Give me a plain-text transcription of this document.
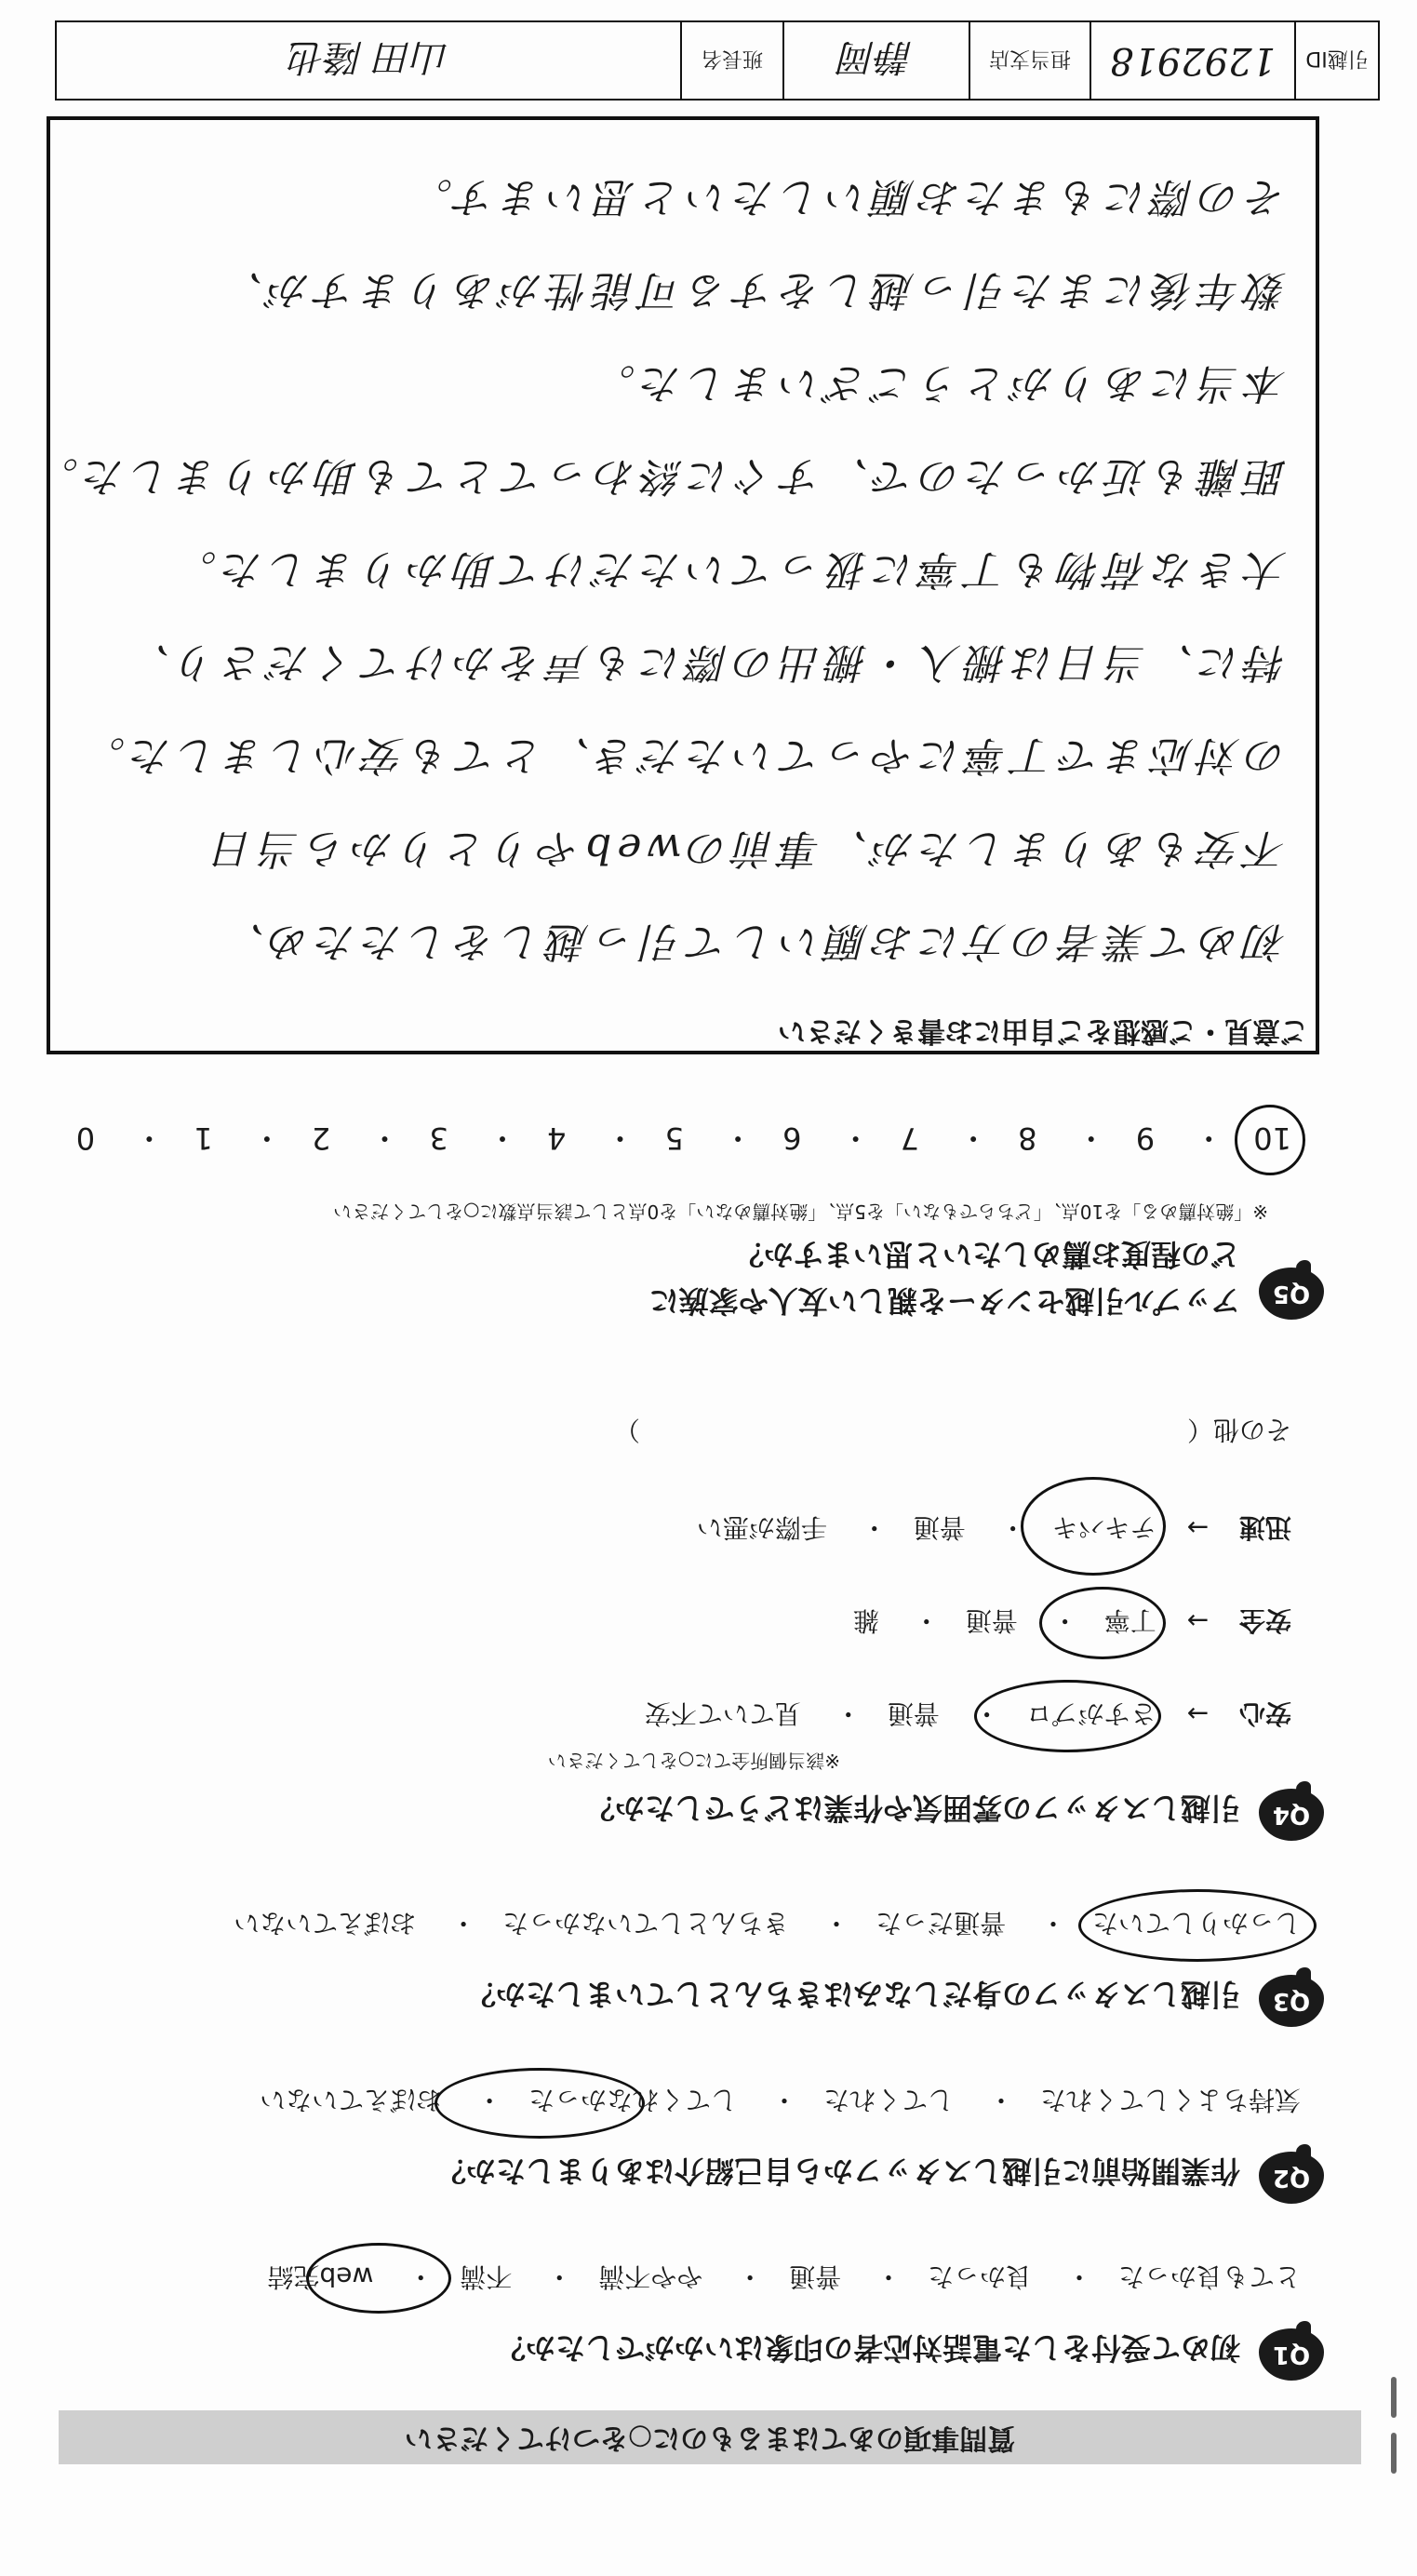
質問事項のあてはまるものに○をつけてください
Q1
初めて受付をした電話対応者の印象はいかがでしたか？
とても良かった　・　 良かった　・　 普通　・　 やや不満　・　 不満　・　 web完結
Q2
作業開始前に引越しスタッフから自己紹介はありましたか？
気持ちよくしてくれた　・　 してくれた　・　 してくれなかった　・　 おぼえていない
Q3
引越しスタッフの身だしなみはきちんとしていましたか？
しっかりしていた　・　 普通だった　・　 きちんとしていなかった　・　 おぼえていない
Q4
引越しスタッフの雰囲気や作業はどうでしたか？
※該当個所全てに○をしてください
安心 → さすがプロ　・　 普通　・　 見ていて不安
安全 → 丁寧　・　 普通　・　 雑
迅速 → テキパキ　・　 普通　・　 手際が悪い
その他（　　　　　　　　　　　　　　　　　　　　　）
Q5
アップル引越センターを親しい友人や家族に
どの程度お薦めしたいと思いますか？
※「絶対薦める」を10点、「どちらでもない」を5点、「絶対薦めない」を0点として該当点数に○をしてください
10　・　 9　・　 8　・　 7　・　 6　・　 5　・　 4　・　 3　・　 2　・　 1　・　 0
ご意見・ご感想をご自由にお書きください
初めて業者の方にお願いして引っ越しをしたため、
不安もありましたが、事前のwebやりとりから当日
の対応まで丁寧にやっていただき、とても安心しました。
特に、当日は搬入・搬出の際にも声をかけてくださり、
大きな荷物も丁寧に扱っていただけて助かりました。
距離も近かったので、すぐに終わってとても助かりました。
本当にありがとうございました。
数年後にまた引っ越しをする可能性がありますが、
その際にもまたお願いしたいと思います。
引越ID
1292918
担当支店
静岡
班長名
山田 隆也
